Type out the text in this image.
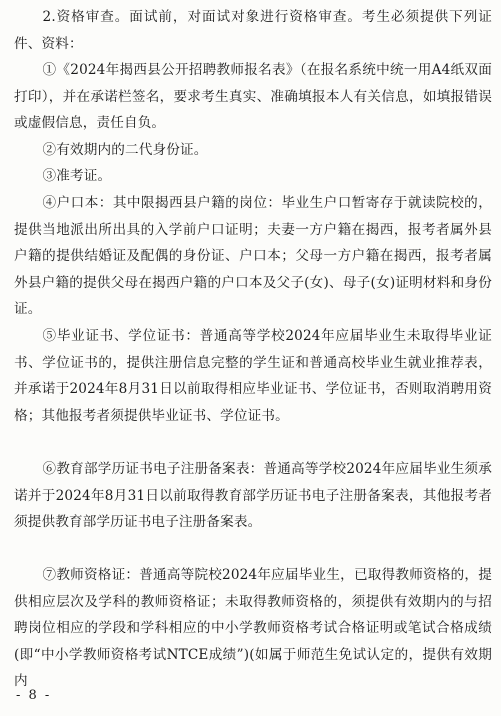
2.资格审查。面试前，对面试对象进行资格审查。考生必须提供下列证件、资料：

①《2024年揭西县公开招聘教师报名表》（在报名系统中统一用A4纸双面打印），并在承诺栏签名，要求考生真实、准确填报本人有关信息，如填报错误或虚假信息，责任自负。

②有效期内的二代身份证。

③准考证。

④户口本：其中限揭西县户籍的岗位：毕业生户口暂寄存于就读院校的，提供当地派出所出具的入学前户口证明；夫妻一方户籍在揭西，报考者属外县户籍的提供结婚证及配偶的身份证、户口本；父母一方户籍在揭西，报考者属外县户籍的提供父母在揭西户籍的户口本及父子(女)、母子(女)证明材料和身份证。

⑤毕业证书、学位证书：普通高等学校2024年应届毕业生未取得毕业证书、学位证书的，提供注册信息完整的学生证和普通高校毕业生就业推荐表，并承诺于2024年8月31日以前取得相应毕业证书、学位证书，否则取消聘用资格；其他报考者须提供毕业证书、学位证书。

⑥教育部学历证书电子注册备案表：普通高等学校2024年应届毕业生须承诺并于2024年8月31日以前取得教育部学历证书电子注册备案表，其他报考者须提供教育部学历证书电子注册备案表。

⑦教师资格证：普通高等院校2024年应届毕业生，已取得教师资格的，提供相应层次及学科的教师资格证；未取得教师资格的，须提供有效期内的与招聘岗位相应的学段和学科相应的中小学教师资格考试合格证明或笔试合格成绩(即“中小学教师资格考试NTCE成绩”)(如属于师范生免试认定的，提供有效期内

- 8 -
